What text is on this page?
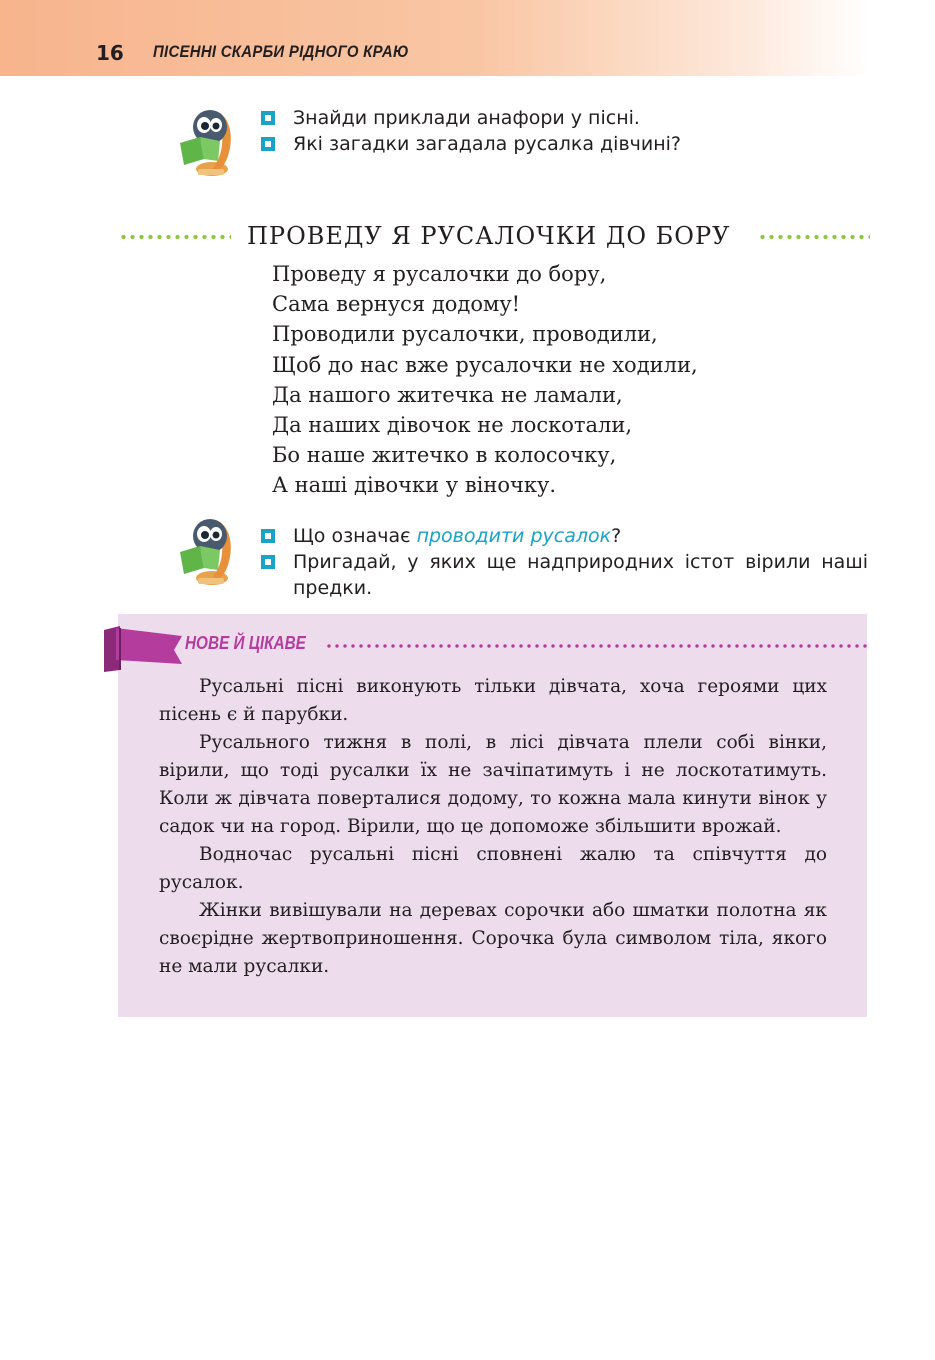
16 ПІСЕННІ СКАРБИ РІДНОГО КРАЮ
Знайди приклади анафори у пісні.
Які загадки загадала русалка дівчині?
ПРОВЕДУ Я РУСАЛОЧКИ ДО БОРУ
Проведу я русалочки до бору,
Сама вернуся додому!
Проводили русалочки, проводили,
Щоб до нас вже русалочки не ходили,
Да нашого житечка не ламали,
Да наших дівочок не лоскотали,
Бо наше житечко в колосочку,
А наші дівочки у віночку.
Що означає проводити русалок?
Пригадай, у яких ще надприродних істот вірили наші предки.
НОВЕ Й ЦІКАВЕ

Русальні пісні виконують тільки дівчата, хоча героями цих пісень є й парубки.

Русального тижня в полі, в лісі дівчата плели собі вінки, вірили, що тоді русалки їх не зачіпатимуть і не лоскотатимуть. Коли ж дівчата поверталися додому, то кожна мала кинути вінок у садок чи на город. Вірили, що це допоможе збільшити врожай.

Водночас русальні пісні сповнені жалю та співчуття до русалок.

Жінки вивішували на деревах сорочки або шматки полотна як своєрідне жертвоприношення. Сорочка була символом тіла, якого не мали русалки.
